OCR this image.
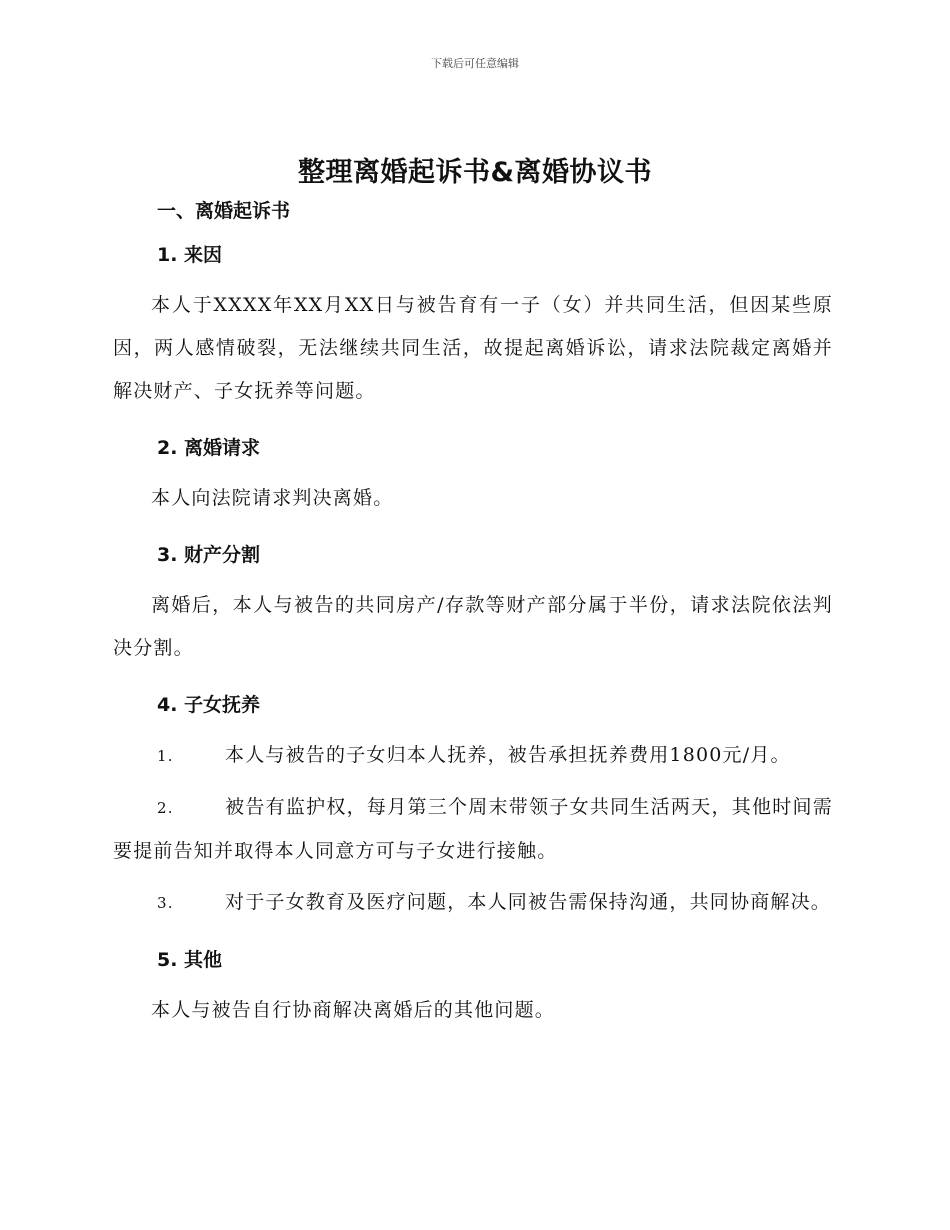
下载后可任意编辑
整理离婚起诉书&离婚协议书
一、离婚起诉书
1. 来因

本人于XXXX年XX月XX日与被告育有一子（女）并共同生活，但因某些原因，两人感情破裂，无法继续共同生活，故提起离婚诉讼，请求法院裁定离婚并解决财产、子女抚养等问题。

2. 离婚请求

本人向法院请求判决离婚。

3. 财产分割

离婚后，本人与被告的共同房产/存款等财产部分属于半份，请求法院依法判决分割。

4. 子女抚养
1.	本人与被告的子女归本人抚养，被告承担抚养费用1800元/月。
2.	被告有监护权，每月第三个周末带领子女共同生活两天，其他时间需要提前告知并取得本人同意方可与子女进行接触。
3.	对于子女教育及医疗问题，本人同被告需保持沟通，共同协商解决。
5. 其他

本人与被告自行协商解决离婚后的其他问题。
